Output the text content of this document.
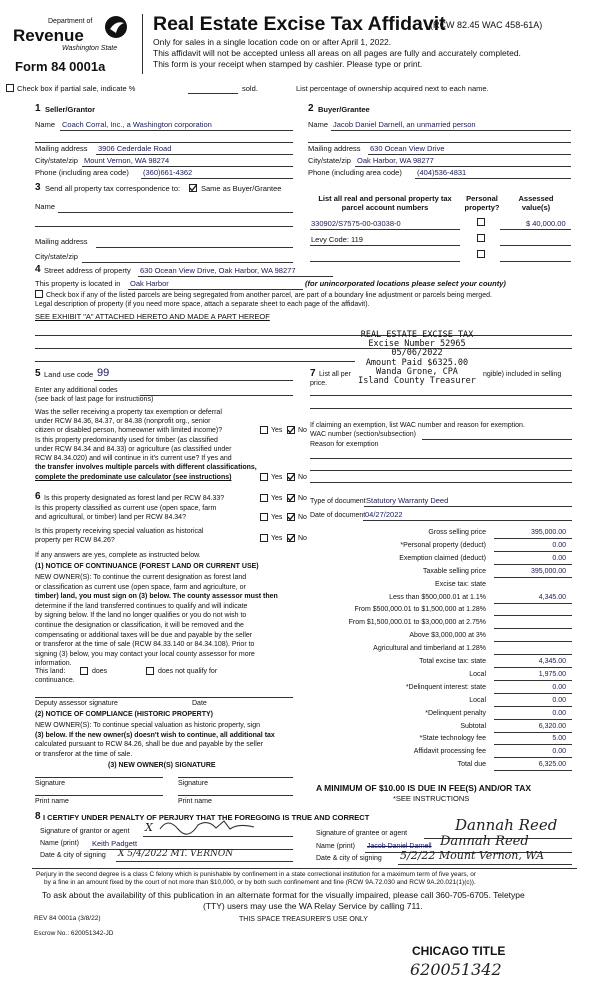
Department of
Revenue
Washington State
Form 84 0001a
Real Estate Excise Tax Affidavit
(RCW 82.45 WAC 458-61A)
Only for sales in a single location code on or after April 1, 2022.
This affidavit will not be accepted unless all areas on all pages are fully and accurately completed.
This form is your receipt when stamped by cashier. Please type or print.
Check box if partial sale, indicate %	sold.	List percentage of ownership acquired next to each name.
1 Seller/Grantor
Name Coach Corral, Inc., a Washington corporation
Mailing address 3906 Cederdale Road
City/state/zip Mount Vernon, WA 98274
Phone (including area code) (360)661-4362
2 Buyer/Grantee
Name Jacob Daniel Darnell, an unmarried person
Mailing address 630 Ocean View Drive
City/state/zip Oak Harbor, WA 98277
Phone (including area code) (404)536-4831
3 Send all property tax correspondence to:	Same as Buyer/Grantee
Name
Mailing address
City/state/zip
List all real and personal property tax parcel account numbers
Personal property?
Assessed value(s)
330902/S7575-00-03038-0	$ 40,000.00
Levy Code: 119
4 Street address of property 630 Ocean View Drive, Oak Harbor, WA 98277
This property is located in Oak Harbor	(for unincorporated locations please select your county)
Check box if any of the listed parcels are being segregated from another parcel, are part of a boundary line adjustment or parcels being merged.
Legal description of property (if you need more space, attach a separate sheet to each page of the affidavit).
SEE EXHIBIT "A" ATTACHED HERETO AND MADE A PART HEREOF
REAL ESTATE EXCISE TAX
Excise Number 52965
05/06/2022
Amount Paid $6325.00
Wanda Grone, CPA
Island County Treasurer
5 Land use code 99
Enter any additional codes
(see back of last page for instructions)
Was the seller receiving a property tax exemption or deferral
under RCW 84.36, 84.37, or 84.38 (nonprofit org., senior
citizen or disabled person, homeowner with limited income)?	Yes No
Is this property predominantly used for timber (as classified
under RCW 84.34 and 84.33) or agriculture (as classified under
RCW 84.34.020) and will continue in it's current use? If yes and
the transfer involves multiple parcels with different classifications,
complete the predominate use calculator (see instructions)	Yes No
7 List all per	ngible) included in selling
price.
If claiming an exemption, list WAC number and reason for exemption.
WAC number (section/subsection)
Reason for exemption
6 Is this property designated as forest land per RCW 84.33?	Yes No
Is this property classified as current use (open space, farm
and agricultural, or timber) land per RCW 84.34?	Yes No
Is this property receiving special valuation as historical
property per RCW 84.26?	Yes No
If any answers are yes, complete as instructed below.
(1) NOTICE OF CONTINUANCE (FOREST LAND OR CURRENT USE)
NEW OWNER(S): To continue the current designation as forest land
or classification as current use (open space, farm and agriculture, or
timber) land, you must sign on (3) below. The county assessor must then
determine if the land transferred continues to qualify and will indicate
by signing below. If the land no longer qualifies or you do not wish to
continue the designation or classification, it will be removed and the
compensating or additional taxes will be due and payable by the seller
or transferor at the time of sale (RCW 84.33.140 or 84.34.108). Prior to
signing (3) below, you may contact your local county assessor for more
information.
This land:	does	does not qualify for
continuance.
Deputy assessor signature	Date
(2) NOTICE OF COMPLIANCE (HISTORIC PROPERTY)
NEW OWNER(S): To continue special valuation as historic property, sign
(3) below. If the new owner(s) doesn't wish to continue, all additional tax
calculated pursuant to RCW 84.26, shall be due and payable by the seller
or transferor at the time of sale.
(3) NEW OWNER(S) SIGNATURE
Signature	Signature
Print name	Print name
Type of document Statutory Warranty Deed
Date of document 04/27/2022
Gross selling price	395,000.00
*Personal property (deduct)	0.00
Exemption claimed (deduct)	0.00
Taxable selling price	395,000.00
Excise tax: state
Less than $500,000.01 at 1.1%	4,345.00
From $500,000.01 to $1,500,000 at 1.28%
From $1,500,000.01 to $3,000,000 at 2.75%
Above $3,000,000 at 3%
Agricultural and timberland at 1.28%
Total excise tax: state	4,345.00
Local	1,975.00
*Delinquent interest: state	0.00
Local	0.00
*Delinquent penalty	0.00
Subtotal	6,320.00
*State technology fee	5.00
Affidavit processing fee	0.00
Total due	6,325.00
A MINIMUM OF $10.00 IS DUE IN FEE(S) AND/OR TAX
*SEE INSTRUCTIONS
8 I CERTIFY UNDER PENALTY OF PERJURY THAT THE FOREGOING IS TRUE AND CORRECT
Signature of grantor or agent X
Name (print) Keith Padgett
Date & city of signing X 5/4/2022 MT. VERNON
Signature of grantee or agent	Dannah Reed
Name (print) Jacob Daniel Darnell Dannah Reed
Date & city of signing 5/2/22 Mount Vernon, WA
Perjury in the second degree is a class C felony which is punishable by confinement in a state correctional institution for a maximum term of five years, or
by a fine in an amount fixed by the court of not more than $10,000, or by both such confinement and fine (RCW 9A.72.030 and RCW 9A.20.021(1)(c)).
To ask about the availability of this publication in an alternate format for the visually impaired, please call 360-705-6705. Teletype
(TTY) users may use the WA Relay Service by calling 711.
REV 84 0001a (3/8/22)	THIS SPACE TREASURER'S USE ONLY
Escrow No.: 620051342-JD
CHICAGO TITLE
620051342
